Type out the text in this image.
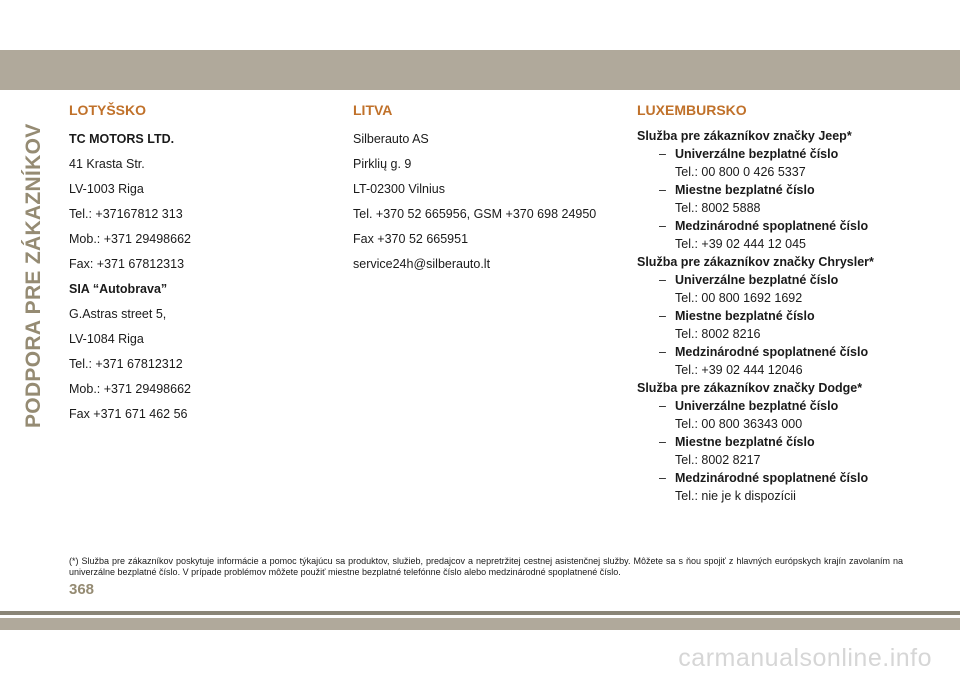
PODPORA PRE ZÁKAZNÍKOV
LOTYŠSKO
TC MOTORS LTD.
41 Krasta Str.
LV-1003 Riga
Tel.: +37167812 313
Mob.: +371 29498662
Fax: +371 67812313
SIA “Autobrava”
G.Astras street 5,
LV-1084 Riga
Tel.: +371 67812312
Mob.: +371 29498662
Fax +371 671 462 56
LITVA
Silberauto AS
Pirklių g. 9
LT-02300 Vilnius
Tel. +370 52 665956, GSM +370 698 24950
Fax +370 52 665951
service24h@silberauto.lt
LUXEMBURSKO
Služba pre zákazníkov značky Jeep*
– Univerzálne bezplatné číslo
Tel.: 00 800 0 426 5337
– Miestne bezplatné číslo
Tel.: 8002 5888
– Medzinárodné spoplatnené číslo
Tel.: +39 02 444 12 045
Služba pre zákazníkov značky Chrysler*
– Univerzálne bezplatné číslo
Tel.: 00 800 1692 1692
– Miestne bezplatné číslo
Tel.: 8002 8216
– Medzinárodné spoplatnené číslo
Tel.: +39 02 444 12046
Služba pre zákazníkov značky Dodge*
– Univerzálne bezplatné číslo
Tel.: 00 800 36343 000
– Miestne bezplatné číslo
Tel.: 8002 8217
– Medzinárodné spoplatnené číslo
Tel.: nie je k dispozícii
(*) Služba pre zákazníkov poskytuje informácie a pomoc týkajúcu sa produktov, služieb, predajcov a nepretržitej cestnej asistenčnej služby. Môžete sa s ňou spojiť z hlavných európskych krajín zavolaním na univerzálne bezplatné číslo. V prípade problémov môžete použiť miestne bezplatné telefónne číslo alebo medzinárodné spoplatnené číslo.
368
carmanualsonline.info
